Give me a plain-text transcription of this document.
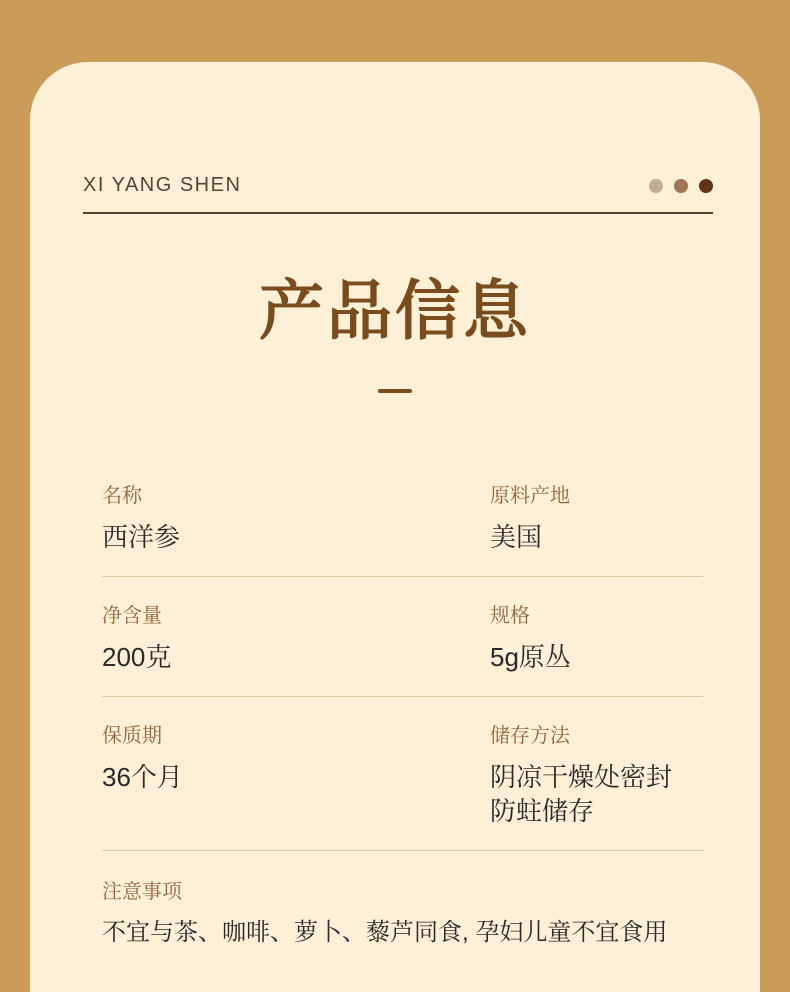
XI YANG SHEN
产品信息
名称
西洋参
原料产地
美国
净含量
200克
规格
5g原丛
保质期
36个月
储存方法
阴凉干燥处密封防蛀储存
注意事项
不宜与茶、咖啡、萝卜、藜芦同食, 孕妇儿童不宜食用
